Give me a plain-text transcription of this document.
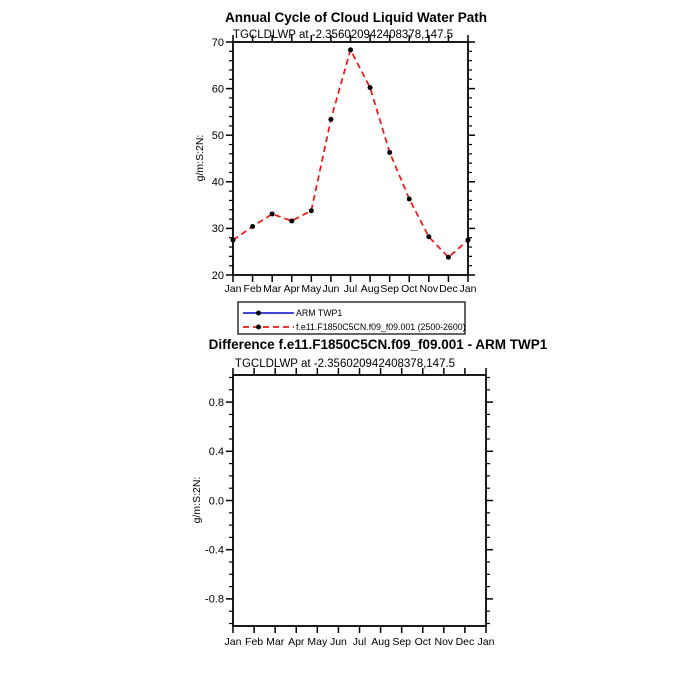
Annual Cycle of Cloud Liquid Water Path
TGCLDLWP at -2.356020942408378,147.5
g/m:S:2N:
Jan Feb Mar Apr May Jun Jul Aug Sep Oct Nov Dec Jan
20
30
40
50
60
70
ARM TWP1
f.e11.F1850C5CN.f09_f09.001 (2500-2600)
Difference f.e11.F1850C5CN.f09_f09.001 - ARM TWP1
TGCLDLWP at -2.356020942408378,147.5
g/m:S:2N:
Jan Feb Mar Apr May Jun Jul Aug Sep Oct Nov Dec Jan
0.8
0.4
0.0
-0.4
-0.8
